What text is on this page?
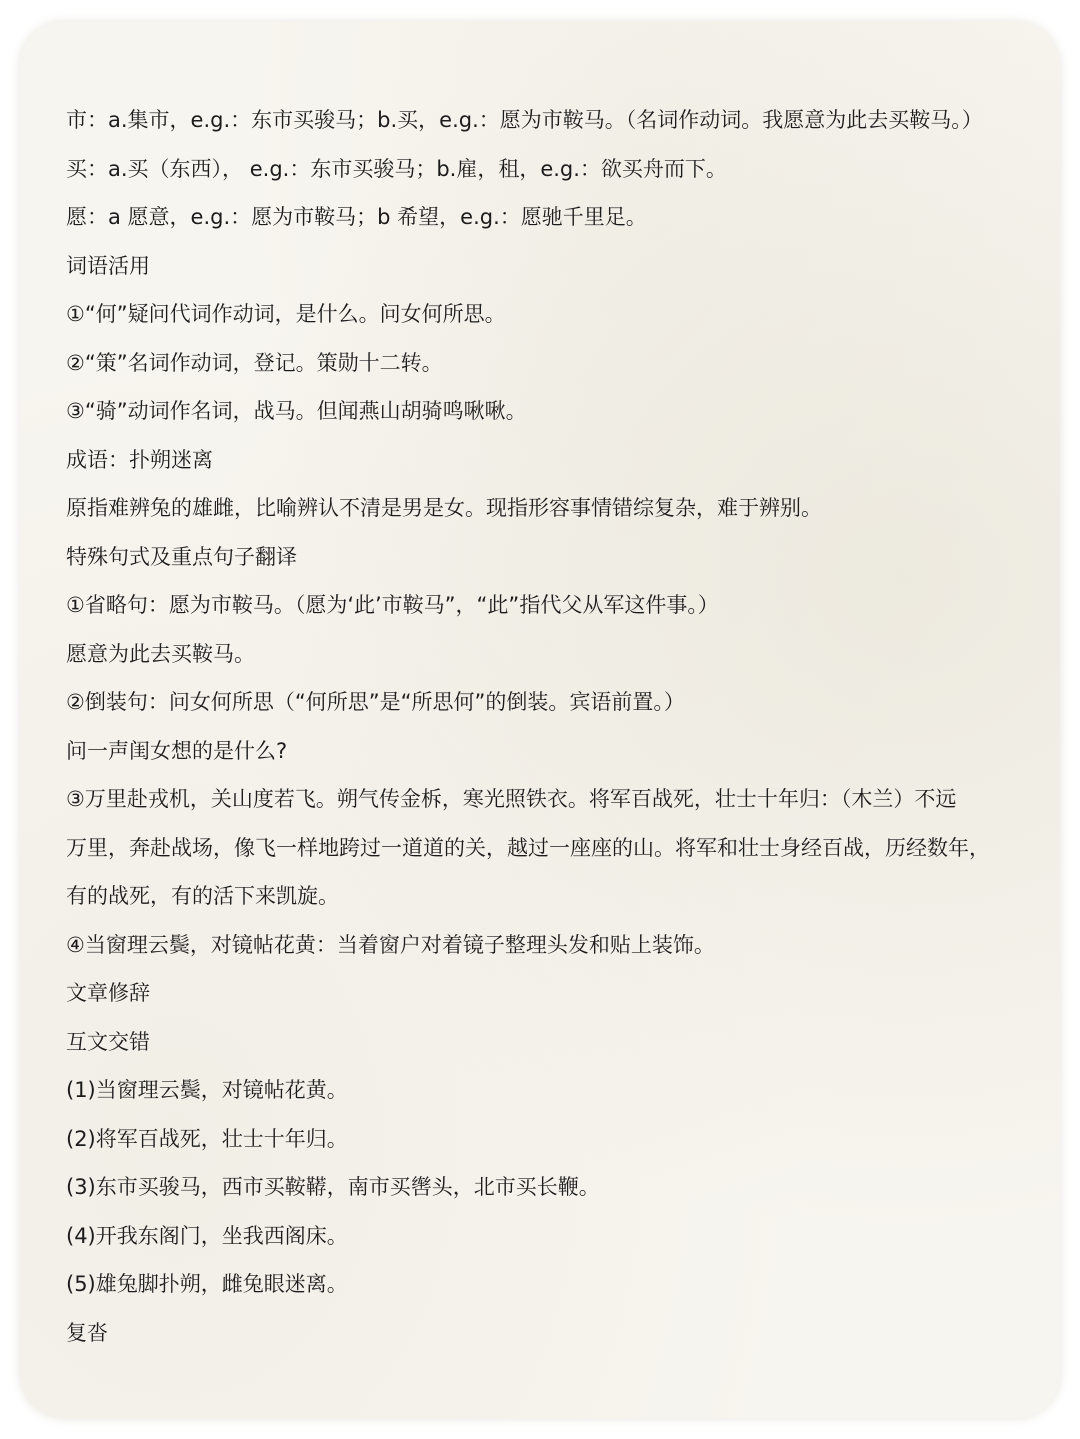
市：a.集市，e.g.：东市买骏马；b.买，e.g.：愿为市鞍马。（名词作动词。我愿意为此去买鞍马。）
买：a.买（东西）， e.g.：东市买骏马；b.雇，租，e.g.：欲买舟而下。
愿：a 愿意，e.g.：愿为市鞍马；b 希望，e.g.：愿驰千里足。
词语活用
①“何”疑问代词作动词，是什么。问女何所思。
②“策”名词作动词，登记。策勋十二转。
③“骑”动词作名词，战马。但闻燕山胡骑鸣啾啾。
成语：扑朔迷离
原指难辨兔的雄雌，比喻辨认不清是男是女。现指形容事情错综复杂，难于辨别。
特殊句式及重点句子翻译
①省略句：愿为市鞍马。（愿为‘此’市鞍马”，“此”指代父从军这件事。）
愿意为此去买鞍马。
②倒装句：问女何所思（“何所思”是“所思何”的倒装。宾语前置。）
问一声闺女想的是什么?
③万里赴戎机，关山度若飞。朔气传金柝，寒光照铁衣。将军百战死，壮士十年归：（木兰）不远
万里，奔赴战场，像飞一样地跨过一道道的关，越过一座座的山。将军和壮士身经百战，历经数年，
有的战死，有的活下来凯旋。
④当窗理云鬓，对镜帖花黄：当着窗户对着镜子整理头发和贴上装饰。
文章修辞
互文交错
(1)当窗理云鬓，对镜帖花黄。
(2)将军百战死，壮士十年归。
(3)东市买骏马，西市买鞍鞯，南市买辔头，北市买长鞭。
(4)开我东阁门，坐我西阁床。
(5)雄兔脚扑朔，雌兔眼迷离。
复沓
